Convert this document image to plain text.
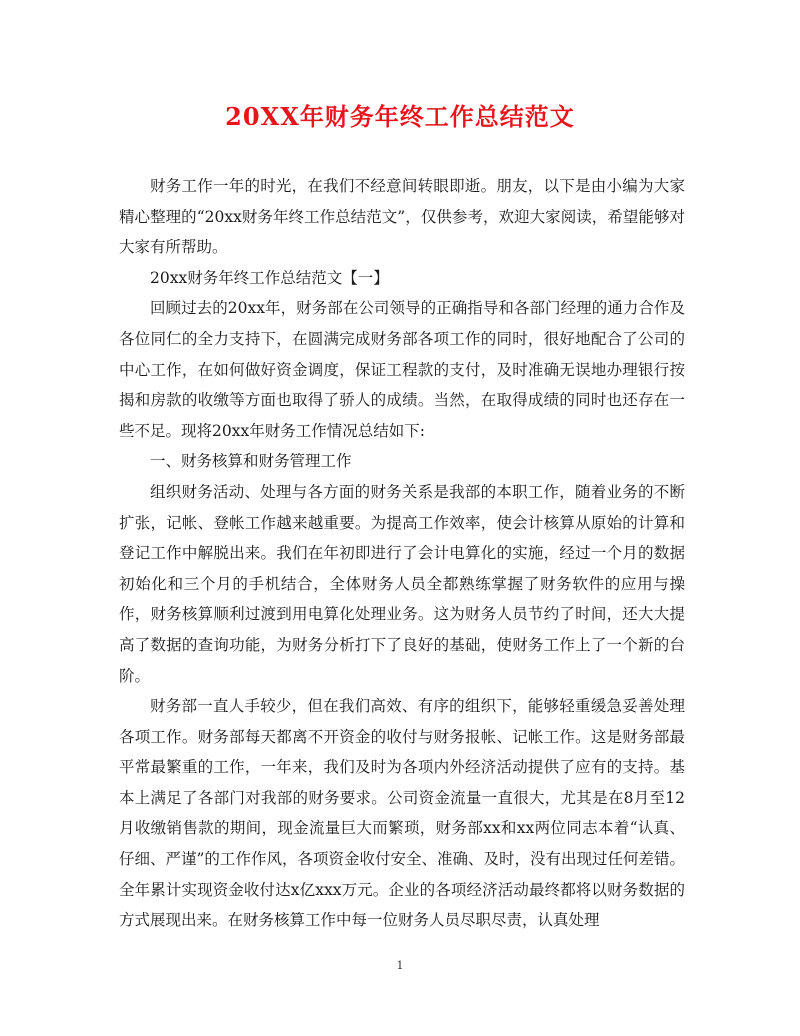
20XX年财务年终工作总结范文

财务工作一年的时光，在我们不经意间转眼即逝。朋友，以下是由小编为大家精心整理的“20xx财务年终工作总结范文”，仅供参考，欢迎大家阅读，希望能够对大家有所帮助。

20xx财务年终工作总结范文【一】

回顾过去的20xx年，财务部在公司领导的正确指导和各部门经理的通力合作及各位同仁的全力支持下，在圆满完成财务部各项工作的同时，很好地配合了公司的中心工作，在如何做好资金调度，保证工程款的支付，及时准确无误地办理银行按揭和房款的收缴等方面也取得了骄人的成绩。当然，在取得成绩的同时也还存在一些不足。现将20xx年财务工作情况总结如下:

一、财务核算和财务管理工作

组织财务活动、处理与各方面的财务关系是我部的本职工作，随着业务的不断扩张，记帐、登帐工作越来越重要。为提高工作效率，使会计核算从原始的计算和登记工作中解脱出来。我们在年初即进行了会计电算化的实施，经过一个月的数据初始化和三个月的手机结合，全体财务人员全都熟练掌握了财务软件的应用与操作，财务核算顺利过渡到用电算化处理业务。这为财务人员节约了时间，还大大提高了数据的查询功能，为财务分析打下了良好的基础，使财务工作上了一个新的台阶。

财务部一直人手较少，但在我们高效、有序的组织下，能够轻重缓急妥善处理各项工作。财务部每天都离不开资金的收付与财务报帐、记帐工作。这是财务部最平常最繁重的工作，一年来，我们及时为各项内外经济活动提供了应有的支持。基本上满足了各部门对我部的财务要求。公司资金流量一直很大，尤其是在8月至12月收缴销售款的期间，现金流量巨大而繁琐，财务部xx和xx两位同志本着“认真、仔细、严谨”的工作作风，各项资金收付安全、准确、及时，没有出现过任何差错。全年累计实现资金收付达x亿xxx万元。企业的各项经济活动最终都将以财务数据的方式展现出来。在财务核算工作中每一位财务人员尽职尽责，认真处理

1
